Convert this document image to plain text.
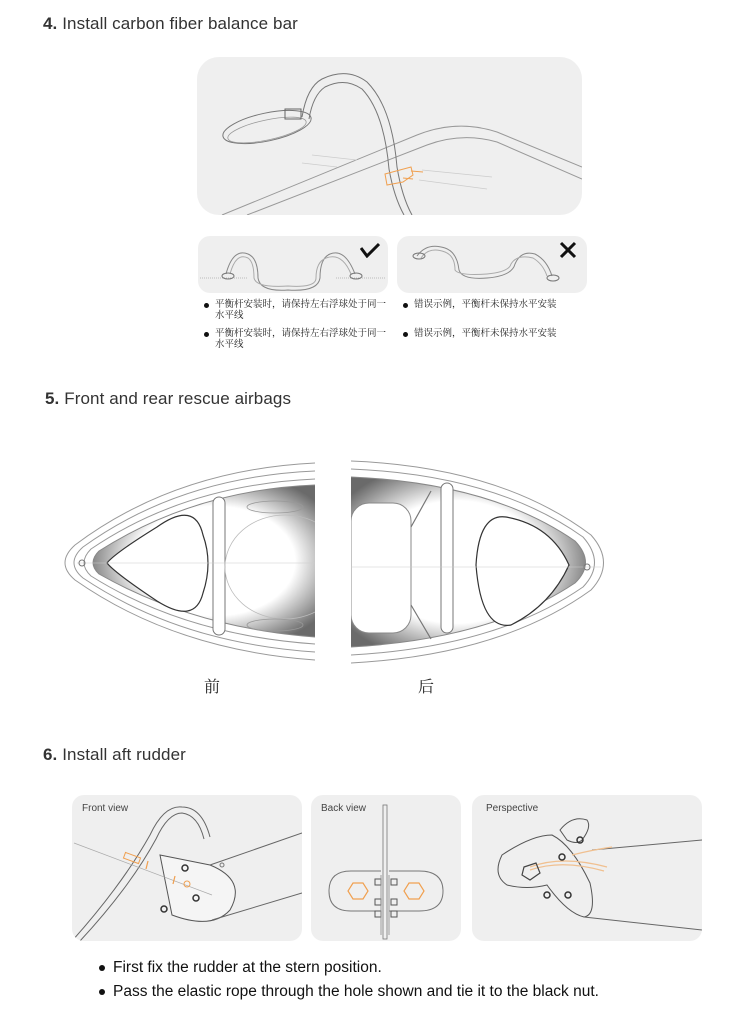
4. Install carbon fiber balance bar
平衡杆安装时，请保持左右浮球处于同一水平线
平衡杆安装时，请保持左右浮球处于同一水平线
错误示例，平衡杆未保持水平安装
错误示例，平衡杆未保持水平安装
5. Front and rear rescue airbags
前	后
6. Install aft rudder
Front view	Back view	Perspective
First fix the rudder at the stern position.
Pass the elastic rope through the hole shown and tie it to the black nut.
